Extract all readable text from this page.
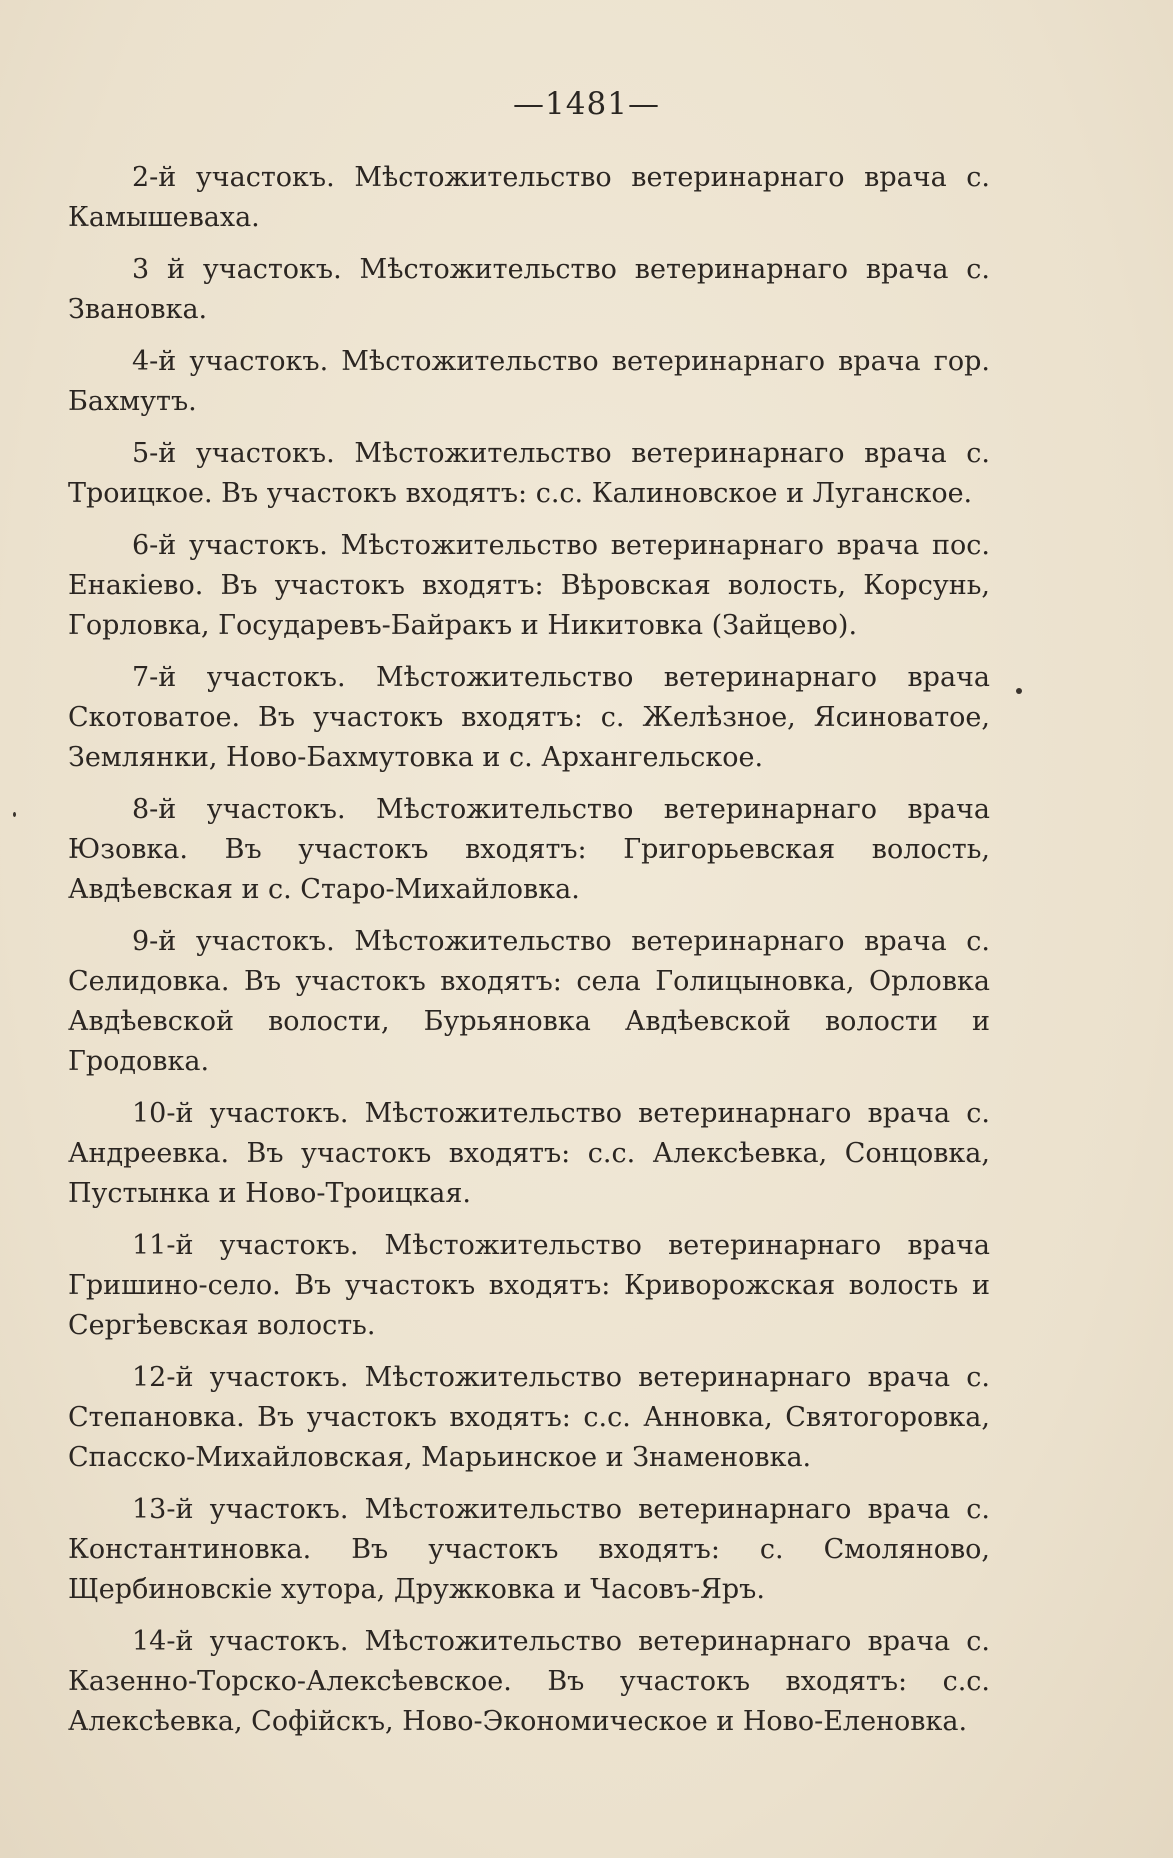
—1481—

2-й участокъ. Мѣстожительство ветеринарнаго врача с. Камышеваха.

3 й участокъ. Мѣстожительство ветеринарнаго врача с. Звановка.

4-й участокъ. Мѣстожительство ветеринарнаго врача гор. Бахмутъ.

5-й участокъ. Мѣстожительство ветеринарнаго врача с. Троицкое. Въ участокъ входятъ: с.с. Калиновское и Луганское.

6-й участокъ. Мѣстожительство ветеринарнаго врача пос. Енакіево. Въ участокъ входятъ: Вѣровская волость, Корсунь, Горловка, Государевъ-Байракъ и Никитовка (Зайцево).

7-й участокъ. Мѣстожительство ветеринарнаго врача Скотоватое. Въ участокъ входятъ: с. Желѣзное, Ясиноватое, Землянки, Ново-Бахмутовка и с. Архангельское.

8-й участокъ. Мѣстожительство ветеринарнаго врача Юзовка. Въ участокъ входятъ: Григорьевская волость, Авдѣевская и с. Старо-Михайловка.

9-й участокъ. Мѣстожительство ветеринарнаго врача с. Селидовка. Въ участокъ входятъ: села Голицыновка, Орловка Авдѣевской волости, Бурьяновка Авдѣевской волости и Гродовка.

10-й участокъ. Мѣстожительство ветеринарнаго врача с. Андреевка. Въ участокъ входятъ: с.с. Алексѣевка, Сонцовка, Пустынка и Ново-Троицкая.

11-й участокъ. Мѣстожительство ветеринарнаго врача Гришино-село. Въ участокъ входятъ: Криворожская волость и Сергѣевская волость.

12-й участокъ. Мѣстожительство ветеринарнаго врача с. Степановка. Въ участокъ входятъ: с.с. Анновка, Святогоровка, Спасско-Михайловская, Марьинское и Знаменовка.

13-й участокъ. Мѣстожительство ветеринарнаго врача с. Константиновка. Въ участокъ входятъ: с. Смоляново, Щербиновскіе хутора, Дружковка и Часовъ-Яръ.

14-й участокъ. Мѣстожительство ветеринарнаго врача с. Казенно-Торско-Алексѣевское. Въ участокъ входятъ: с.с. Алексѣевка, Софійскъ, Ново-Экономическое и Ново-Еленовка.
